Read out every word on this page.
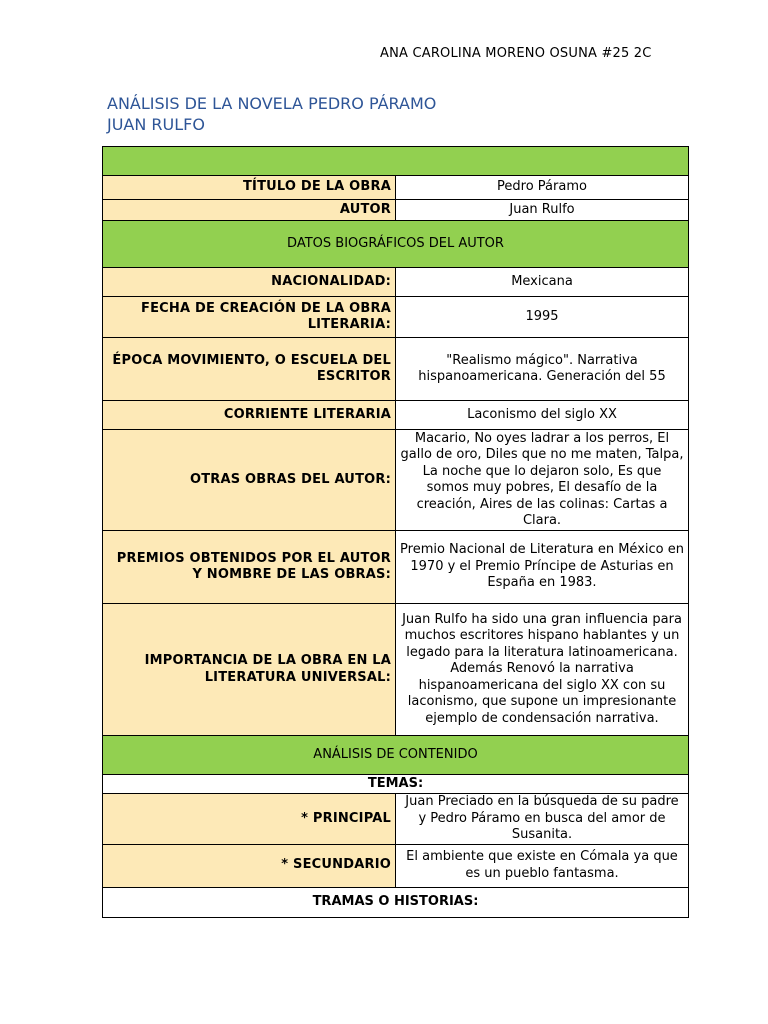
ANA CAROLINA MORENO OSUNA #25 2C
ANÁLISIS DE LA NOVELA PEDRO PÁRAMO
JUAN RULFO

TÍTULO DE LA OBRA	Pedro Páramo
AUTOR	Juan Rulfo
DATOS BIOGRÁFICOS DEL AUTOR	
NACIONALIDAD:	Mexicana
FECHA DE CREACIÓN DE LA OBRA LITERARIA:	1995
ÉPOCA MOVIMIENTO, O ESCUELA DEL ESCRITOR	"Realismo mágico". Narrativa hispanoamericana. Generación del 55
CORRIENTE LITERARIA	Laconismo del siglo XX
OTRAS OBRAS DEL AUTOR:	Macario, No oyes ladrar a los perros, El gallo de oro, Diles que no me maten, Talpa, La noche que lo dejaron solo, Es que somos muy pobres, El desafío de la creación, Aires de las colinas: Cartas a Clara.
PREMIOS OBTENIDOS POR EL AUTOR Y NOMBRE DE LAS OBRAS:	Premio Nacional de Literatura en México en 1970 y el Premio Príncipe de Asturias en España en 1983.
IMPORTANCIA DE LA OBRA EN LA LITERATURA UNIVERSAL:	Juan Rulfo ha sido una gran influencia para muchos escritores hispano hablantes y un legado para la literatura latinoamericana. Además Renovó la narrativa hispanoamericana del siglo XX con su laconismo, que supone un impresionante ejemplo de condensación narrativa.
ANÁLISIS DE CONTENIDO	
TEMAS:	
* PRINCIPAL	Juan Preciado en la búsqueda de su padre y Pedro Páramo en busca del amor de Susanita.
* SECUNDARIO	El ambiente que existe en Cómala ya que es un pueblo fantasma.
TRAMAS O HISTORIAS:	
